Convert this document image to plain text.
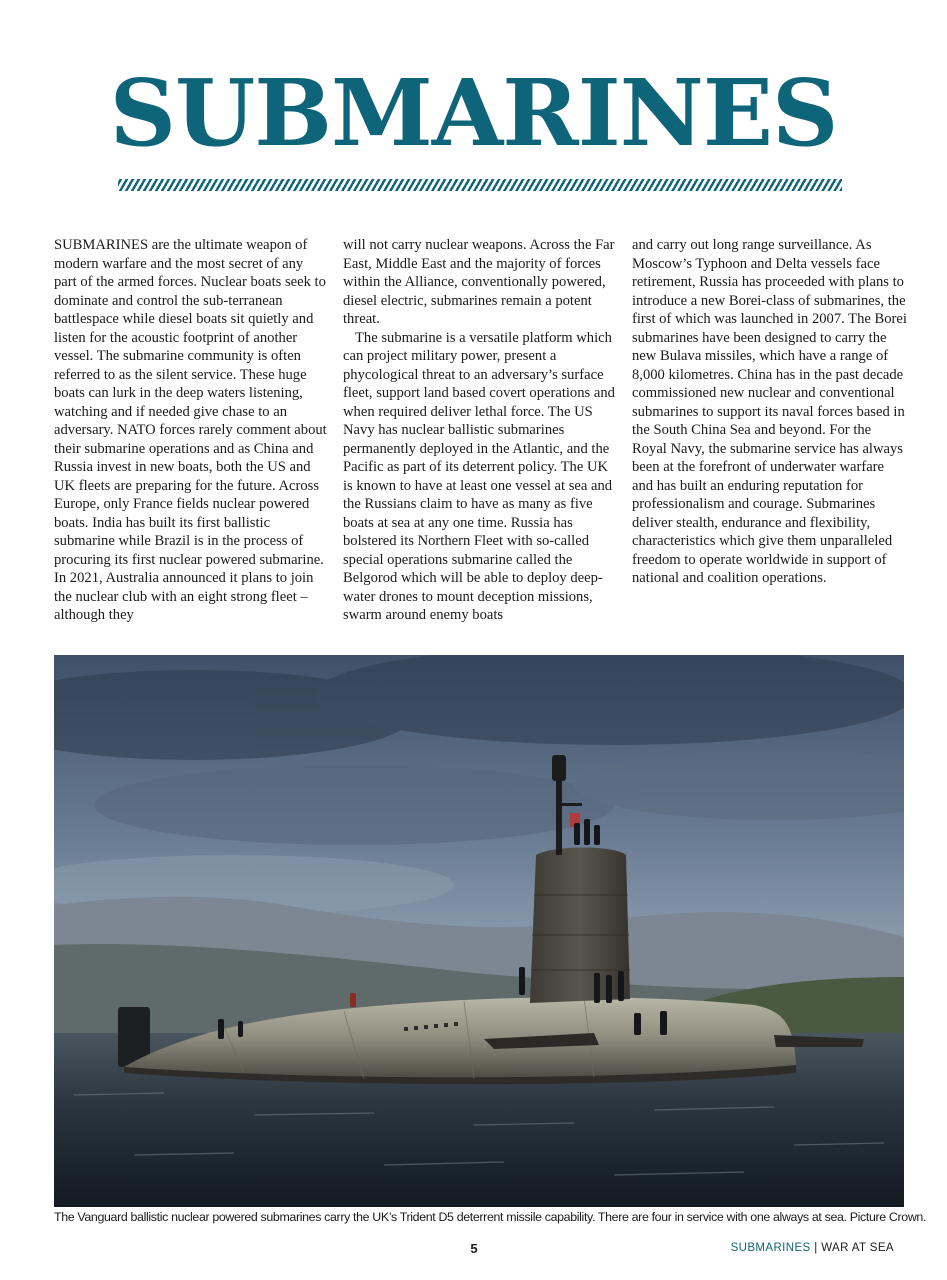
SUBMARINES

SUBMARINES are the ultimate weapon of modern warfare and the most secret of any part of the armed forces. Nuclear boats seek to dominate and control the sub-terranean battlespace while diesel boats sit quietly and listen for the acoustic footprint of another vessel. The submarine community is often referred to as the silent service. These huge boats can lurk in the deep waters listening, watching and if needed give chase to an adversary. NATO forces rarely comment about their submarine operations and as China and Russia invest in new boats, both the US and UK fleets are preparing for the future. Across Europe, only France fields nuclear powered boats. India has built its first ballistic submarine while Brazil is in the process of procuring its first nuclear powered submarine. In 2021, Australia announced it plans to join the nuclear club with an eight strong fleet – although they

will not carry nuclear weapons. Across the Far East, Middle East and the majority of forces within the Alliance, conventionally powered, diesel electric, submarines remain a potent threat.

The submarine is a versatile platform which can project military power, present a phycological threat to an adversary’s surface fleet, support land based covert operations and when required deliver lethal force. The US Navy has nuclear ballistic submarines permanently deployed in the Atlantic, and the Pacific as part of its deterrent policy. The UK is known to have at least one vessel at sea and the Russians claim to have as many as five boats at sea at any one time. Russia has bolstered its Northern Fleet with so-called special operations submarine called the Belgorod which will be able to deploy deep-water drones to mount deception missions, swarm around enemy boats

and carry out long range surveillance. As Moscow’s Typhoon and Delta vessels face retirement, Russia has proceeded with plans to introduce a new Borei-class of submarines, the first of which was launched in 2007. The Borei submarines have been designed to carry the new Bulava missiles, which have a range of 8,000 kilometres. China has in the past decade commissioned new nuclear and conventional submarines to support its naval forces based in the South China Sea and beyond. For the Royal Navy, the submarine service has always been at the forefront of underwater warfare and has built an enduring reputation for professionalism and courage. Submarines deliver stealth, endurance and flexibility, characteristics which give them unparalleled freedom to operate worldwide in support of national and coalition operations.

The Vanguard ballistic nuclear powered submarines carry the UK’s Trident D5 deterrent missile capability. There are four in service with one always at sea. Picture Crown.

5	SUBMARINES | WAR AT SEA
